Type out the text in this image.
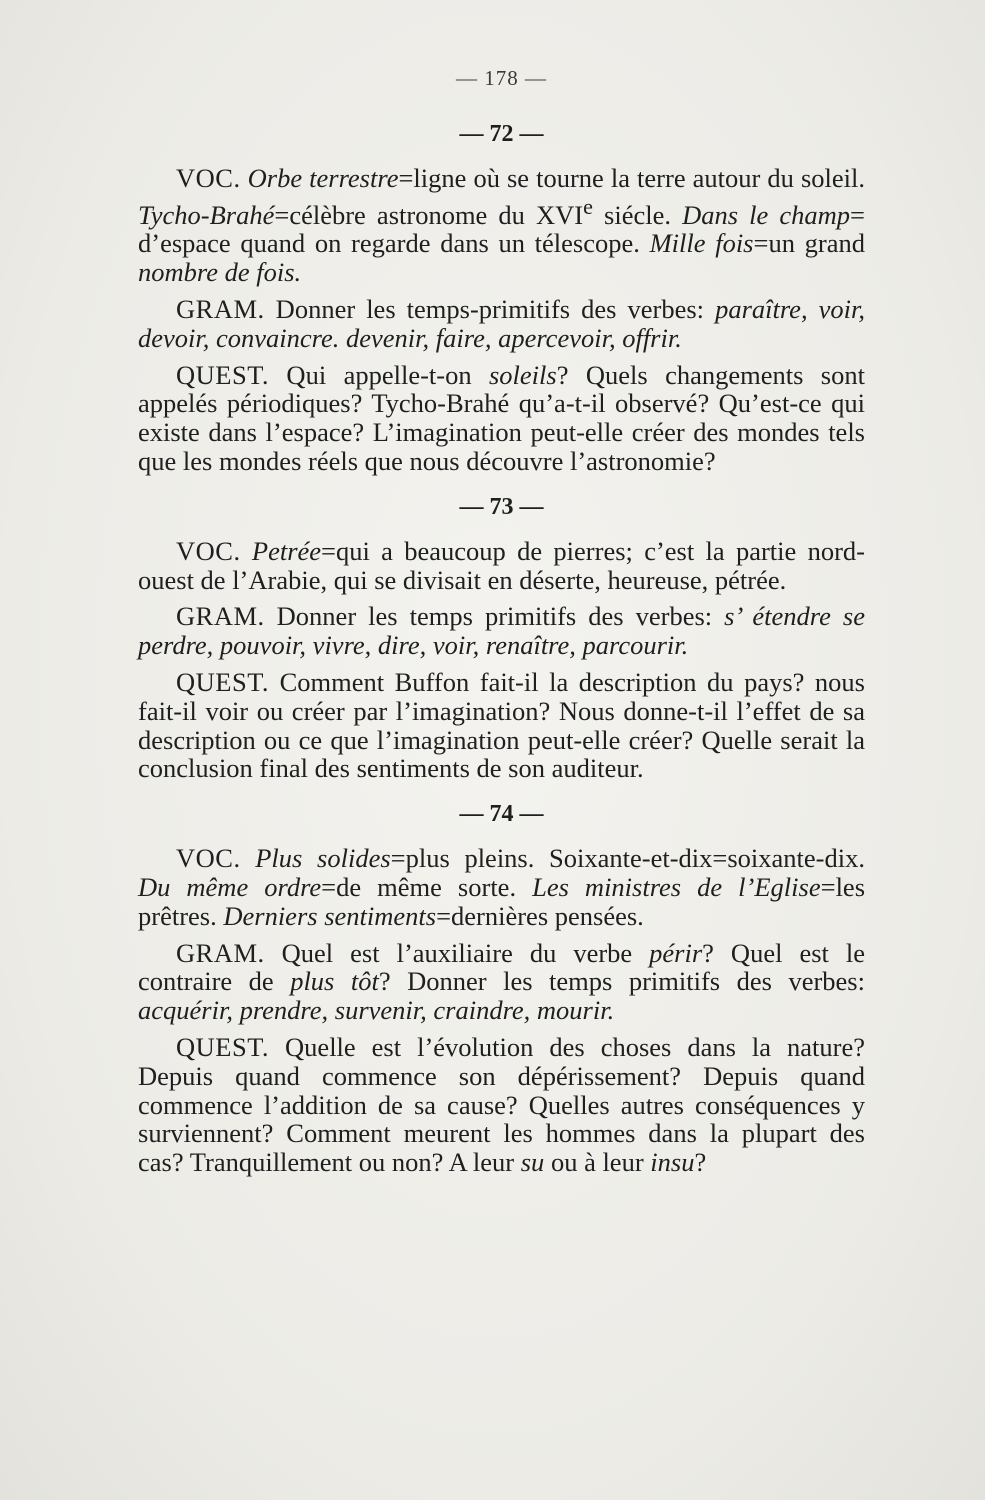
— 178 —
— 72 —

VOC. Orbe terrestre=ligne où se tourne la terre autour du soleil. Tycho-Brahé=célèbre astronome du XVIe siécle. Dans le champ= d’espace quand on regarde dans un télescope. Mille fois=un grand nombre de fois.

GRAM. Donner les temps-primitifs des verbes: paraître, voir, devoir, convaincre. devenir, faire, apercevoir, offrir.

QUEST. Qui appelle-t-on soleils? Quels changements sont appelés périodiques? Tycho-Brahé qu’a-t-il observé? Qu’est-ce qui existe dans l’espace? L’imagination peut-elle créer des mondes tels que les mondes réels que nous découvre l’astronomie?

— 73 —

VOC. Petrée=qui a beaucoup de pierres; c’est la partie nord-ouest de l’Arabie, qui se divisait en déserte, heureuse, pétrée.

GRAM. Donner les temps primitifs des verbes: s’ étendre se perdre, pouvoir, vivre, dire, voir, renaître, parcourir.

QUEST. Comment Buffon fait-il la description du pays? nous fait-il voir ou créer par l’imagination? Nous donne-t-il l’effet de sa description ou ce que l’imagination peut-elle créer? Quelle serait la conclusion final des sentiments de son auditeur.

— 74 —

VOC. Plus solides=plus pleins. Soixante-et-dix=soixante-dix. Du même ordre=de même sorte. Les ministres de l’Eglise=les prêtres. Derniers sentiments=dernières pensées.

GRAM. Quel est l’auxiliaire du verbe périr? Quel est le contraire de plus tôt? Donner les temps primitifs des verbes: acquérir, prendre, survenir, craindre, mourir.

QUEST. Quelle est l’évolution des choses dans la nature? Depuis quand commence son dépérissement? Depuis quand commence l’addition de sa cause? Quelles autres conséquences y surviennent? Comment meurent les hommes dans la plupart des cas? Tranquillement ou non? A leur su ou à leur insu?
